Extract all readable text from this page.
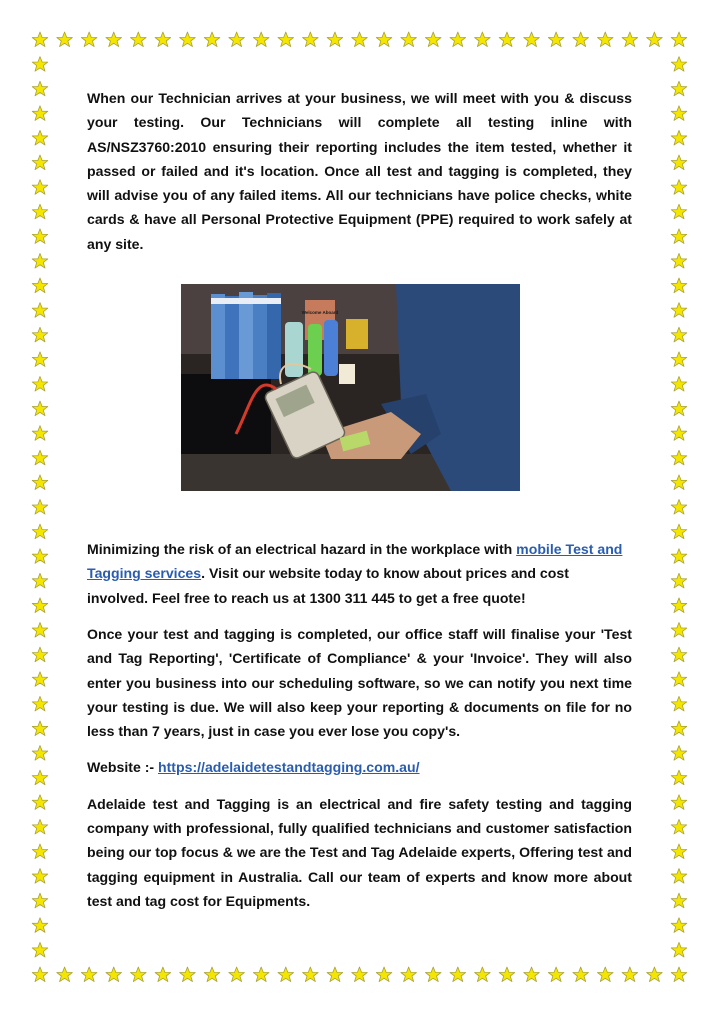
When our Technician arrives at your business, we will meet with you & discuss your testing. Our Technicians will complete all testing inline with AS/NSZ3760:2010 ensuring their reporting includes the item tested, whether it passed or failed and it's location. Once all test and tagging is completed, they will advise you of any failed items. All our technicians have police checks, white cards & have all Personal Protective Equipment (PPE) required to work safely at any site.

Welcome Aboard

Minimizing the risk of an electrical hazard in the workplace with mobile Test and Tagging services. Visit our website today to know about prices and cost involved. Feel free to reach us at 1300 311 445 to get a free quote!

Once your test and tagging is completed, our office staff will finalise your 'Test and Tag Reporting', 'Certificate of Compliance' & your 'Invoice'. They will also enter you business into our scheduling software, so we can notify you next time your testing is due. We will also keep your reporting & documents on file for no less than 7 years, just in case you ever lose you copy's.

Website :- https://adelaidetestandtagging.com.au/

Adelaide test and Tagging is an electrical and fire safety testing and tagging company with professional, fully qualified technicians and customer satisfaction being our top focus & we are the Test and Tag Adelaide experts, Offering test and tagging equipment in Australia. Call our team of experts and know more about test and tag cost for Equipments.
